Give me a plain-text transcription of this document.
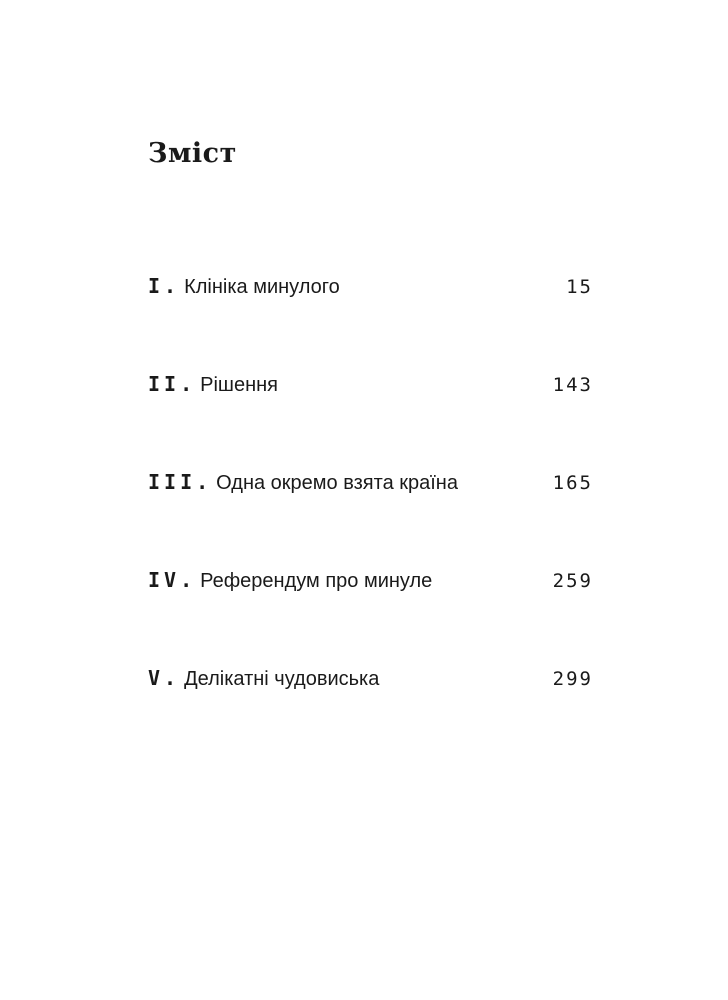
Зміст
I. Клініка минулого	15
II. Рішення	143
III. Одна окремо взята країна	165
IV. Референдум про минуле	259
V. Делікатні чудовиська	299
